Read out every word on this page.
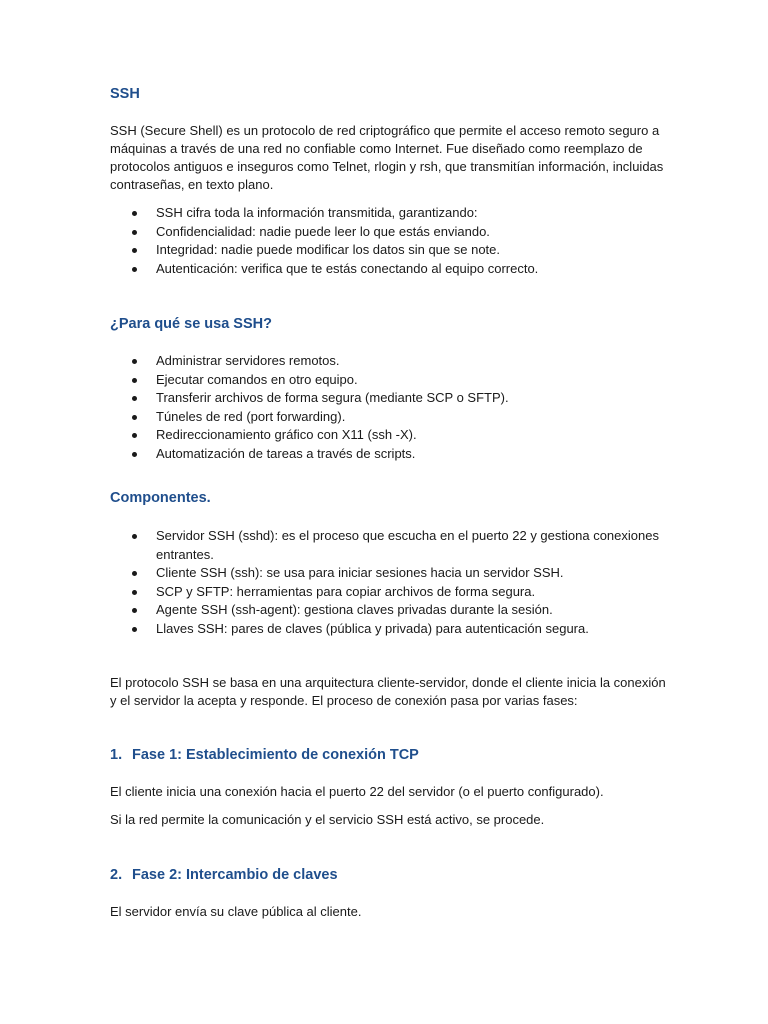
SSH

SSH (Secure Shell) es un protocolo de red criptográfico que permite el acceso remoto seguro a máquinas a través de una red no confiable como Internet. Fue diseñado como reemplazo de protocolos antiguos e inseguros como Telnet, rlogin y rsh, que transmitían información, incluidas contraseñas, en texto plano.

SSH cifra toda la información transmitida, garantizando:
Confidencialidad: nadie puede leer lo que estás enviando.
Integridad: nadie puede modificar los datos sin que se note.
Autenticación: verifica que te estás conectando al equipo correcto.
¿Para qué se usa SSH?
Administrar servidores remotos.
Ejecutar comandos en otro equipo.
Transferir archivos de forma segura (mediante SCP o SFTP).
Túneles de red (port forwarding).
Redireccionamiento gráfico con X11 (ssh -X).
Automatización de tareas a través de scripts.
Componentes.
Servidor SSH (sshd): es el proceso que escucha en el puerto 22 y gestiona conexiones entrantes.
Cliente SSH (ssh): se usa para iniciar sesiones hacia un servidor SSH.
SCP y SFTP: herramientas para copiar archivos de forma segura.
Agente SSH (ssh-agent): gestiona claves privadas durante la sesión.
Llaves SSH: pares de claves (pública y privada) para autenticación segura.

El protocolo SSH se basa en una arquitectura cliente-servidor, donde el cliente inicia la conexión y el servidor la acepta y responde. El proceso de conexión pasa por varias fases:

1. Fase 1: Establecimiento de conexión TCP

El cliente inicia una conexión hacia el puerto 22 del servidor (o el puerto configurado).

Si la red permite la comunicación y el servicio SSH está activo, se procede.

2. Fase 2: Intercambio de claves

El servidor envía su clave pública al cliente.
